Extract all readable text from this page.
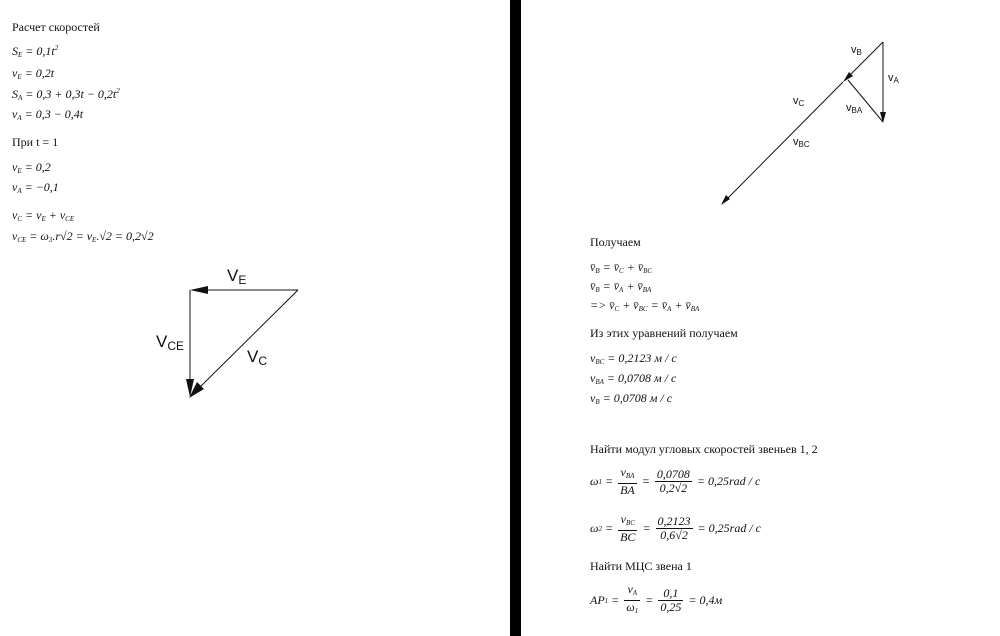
Расчет скоростей
$S_E = 0,1t^2$
$v_E = 0,2t$
$S_A = 0,3 + 0,3t - 0,2t^2$
$v_A = 0,3 - 0,4t$
При t = 1
$v_E = 0,2$
$v_A = -0,1$
$v_C = v_E + v_{CE}$
$v_{CE} = \omega_3.r√2 = v_E.√2 = 0,2√2$
VE
VCE
VC
vB
vA
vC	vBA
vBC
Получаем
$v̄_B$ = $v̄_C$ + $v̄_{BC}$
$v̄_B$ = $v̄_A$ + $v̄_{BA}$
=> $v̄_C$ + $v̄_{BC}$ = $v̄_A$ + $v̄_{BA}$
Из этих уравнений получаем
$v_{BC} = 0,2123$ м / с
$v_{BA} = 0,0708$ м / с
$v_B = 0,0708$ м / с
Найти модул угловых скоростей звеньев 1, 2
ω $1 = \frac{v_{BA}}{BA} = \frac{0,0708}{0,2√2} = 0,25rad / c$
ω $2 = \frac{v_{BC}}{BC} = \frac{0,2123}{0,6√2} = 0,25rad / c$
Найти МЦС звена 1
AP $1 = \frac{v_A}{\omega_1} = \frac{0,1}{0,25} = 0,4м$
